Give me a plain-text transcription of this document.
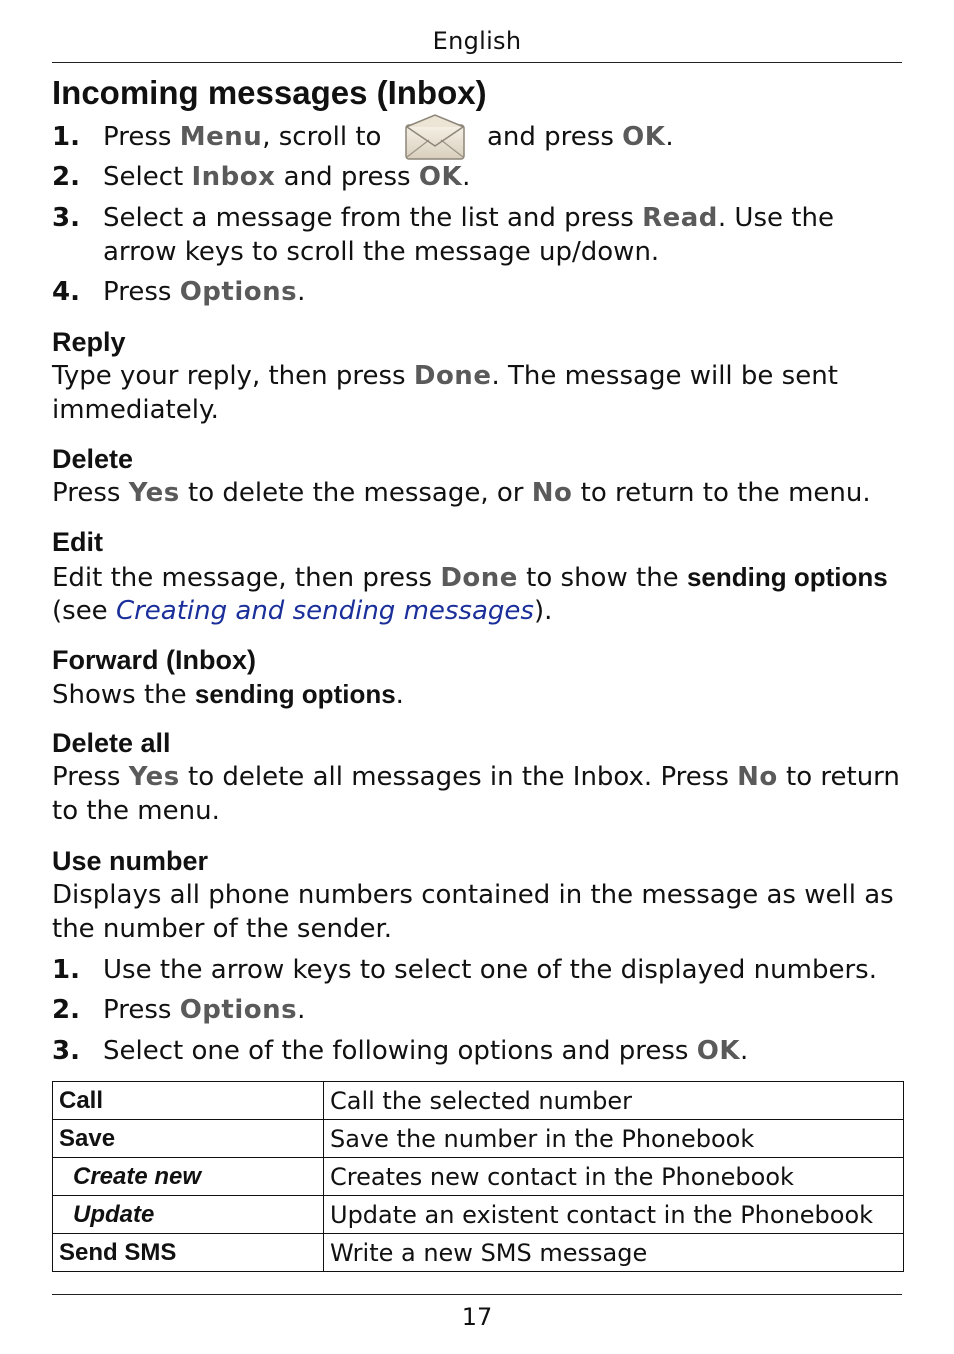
English
Incoming messages (Inbox)
1. Press Menu, scroll to	and press OK.
2. Select Inbox and press OK.
3. Select a message from the list and press Read. Use the arrow keys to scroll the message up/down.
4. Press Options.
Reply
Type your reply, then press Done. The message will be sent immediately.
Delete
Press Yes to delete the message, or No to return to the menu.
Edit
Edit the message, then press Done to show the sending options
(see Creating and sending messages).
Forward (Inbox)
Shows the sending options.
Delete all
Press Yes to delete all messages in the Inbox. Press No to return to the menu.
Use number
Displays all phone numbers contained in the message as well as the number of the sender.
1. Use the arrow keys to select one of the displayed numbers.
2. Press Options.
3. Select one of the following options and press OK.
Call	Call the selected number
Save	Save the number in the Phonebook
Create new	Creates new contact in the Phonebook
Update	Update an existent contact in the Phonebook
Send SMS	Write a new SMS message
17
